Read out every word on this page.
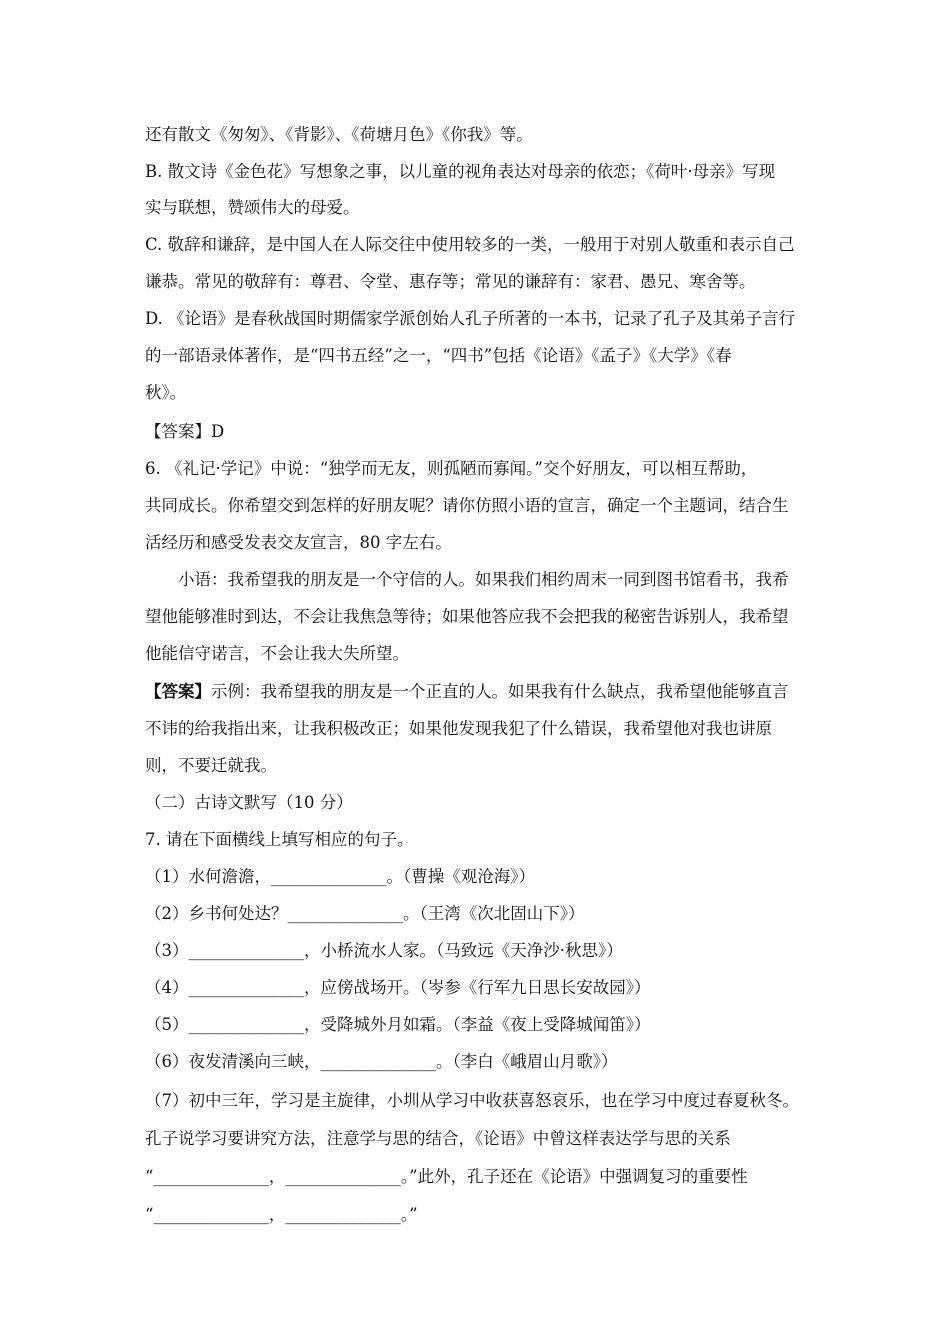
还有散文《匆匆》、《背影》、《荷塘月色》《你我》等。
B. 散文诗《金色花》写想象之事，以儿童的视角表达对母亲的依恋；《荷叶·母亲》写现
实与联想，赞颂伟大的母爱。
C. 敬辞和谦辞，是中国人在人际交往中使用较多的一类，一般用于对别人敬重和表示自己
谦恭。常见的敬辞有：尊君、令堂、惠存等；常见的谦辞有：家君、愚兄、寒舍等。
D. 《论语》是春秋战国时期儒家学派创始人孔子所著的一本书，记录了孔子及其弟子言行
的一部语录体著作，是“四书五经”之一，“四书”包括《论语》《孟子》《大学》《春
秋》。
【答案】D
6. 《礼记·学记》中说：“独学而无友，则孤陋而寡闻。”交个好朋友，可以相互帮助，
共同成长。你希望交到怎样的好朋友呢？请你仿照小语的宣言，确定一个主题词，结合生
活经历和感受发表交友宣言，80 字左右。
小语：我希望我的朋友是一个守信的人。如果我们相约周末一同到图书馆看书，我希
望他能够准时到达，不会让我焦急等待；如果他答应我不会把我的秘密告诉别人，我希望
他能信守诺言，不会让我大失所望。
【答案】示例：我希望我的朋友是一个正直的人。如果我有什么缺点，我希望他能够直言
不讳的给我指出来，让我积极改正；如果他发现我犯了什么错误，我希望他对我也讲原
则，不要迁就我。
（二）古诗文默写（10 分）
7. 请在下面横线上填写相应的句子。
（1）水何澹澹，______________。（曹操《观沧海》）
（2）乡书何处达？______________。（王湾《次北固山下》）
（3）______________，小桥流水人家。（马致远《天净沙·秋思》）
（4）______________，应傍战场开。（岑参《行军九日思长安故园》）
（5）______________，受降城外月如霜。（李益《夜上受降城闻笛》）
（6）夜发清溪向三峡，______________。（李白《峨眉山月歌》）
（7）初中三年，学习是主旋律，小圳从学习中收获喜怒哀乐，也在学习中度过春夏秋冬。
孔子说学习要讲究方法，注意学与思的结合，《论语》中曾这样表达学与思的关系
“______________，______________。”此外，孔子还在《论语》中强调复习的重要性
“______________，______________。”
